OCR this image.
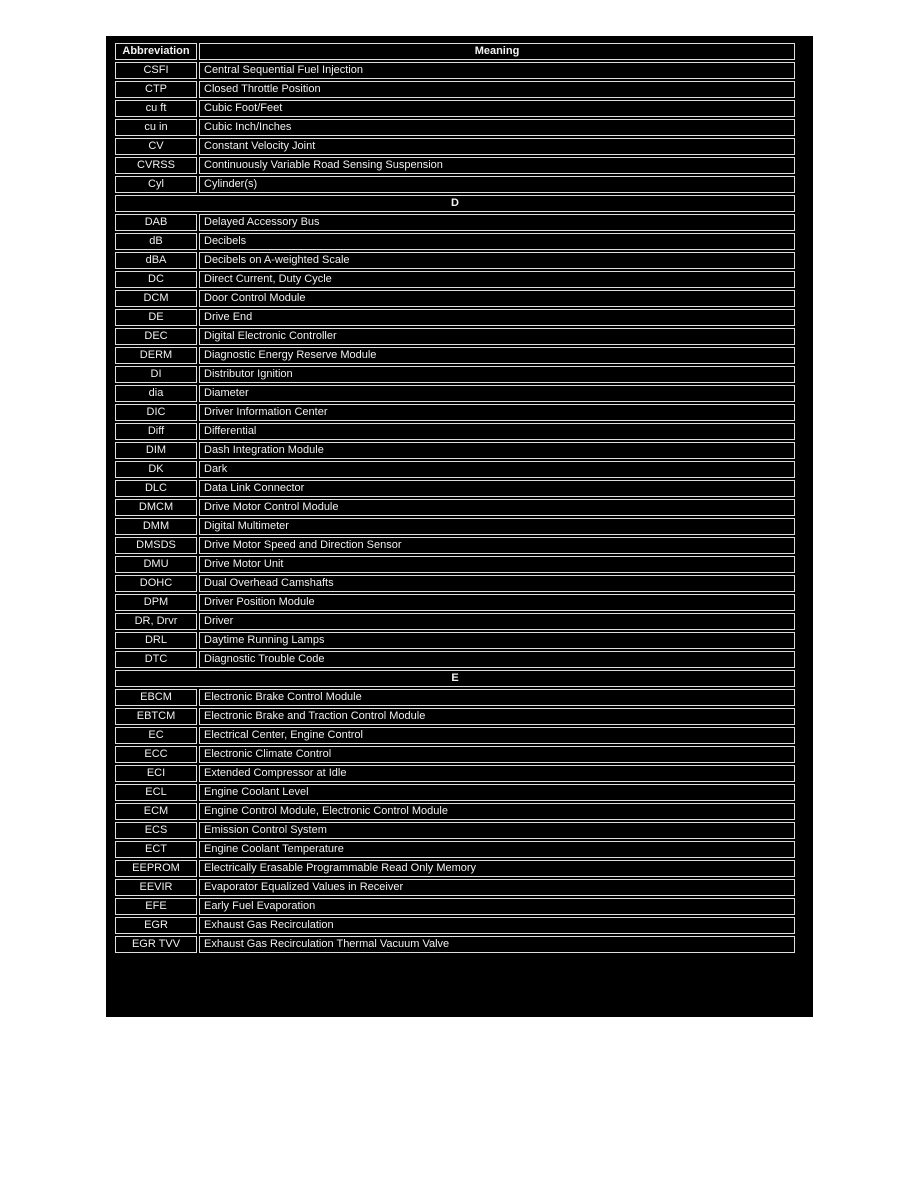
Abbreviation	Meaning
CSFI	Central Sequential Fuel Injection
CTP	Closed Throttle Position
cu ft	Cubic Foot/Feet
cu in	Cubic Inch/Inches
CV	Constant Velocity Joint
CVRSS	Continuously Variable Road Sensing Suspension
Cyl	Cylinder(s)
D	
DAB	Delayed Accessory Bus
dB	Decibels
dBA	Decibels on A-weighted Scale
DC	Direct Current, Duty Cycle
DCM	Door Control Module
DE	Drive End
DEC	Digital Electronic Controller
DERM	Diagnostic Energy Reserve Module
DI	Distributor Ignition
dia	Diameter
DIC	Driver Information Center
Diff	Differential
DIM	Dash Integration Module
DK	Dark
DLC	Data Link Connector
DMCM	Drive Motor Control Module
DMM	Digital Multimeter
DMSDS	Drive Motor Speed and Direction Sensor
DMU	Drive Motor Unit
DOHC	Dual Overhead Camshafts
DPM	Driver Position Module
DR, Drvr	Driver
DRL	Daytime Running Lamps
DTC	Diagnostic Trouble Code
E	
EBCM	Electronic Brake Control Module
EBTCM	Electronic Brake and Traction Control Module
EC	Electrical Center, Engine Control
ECC	Electronic Climate Control
ECI	Extended Compressor at Idle
ECL	Engine Coolant Level
ECM	Engine Control Module, Electronic Control Module
ECS	Emission Control System
ECT	Engine Coolant Temperature
EEPROM	Electrically Erasable Programmable Read Only Memory
EEVIR	Evaporator Equalized Values in Receiver
EFE	Early Fuel Evaporation
EGR	Exhaust Gas Recirculation
EGR TVV	Exhaust Gas Recirculation Thermal Vacuum Valve
